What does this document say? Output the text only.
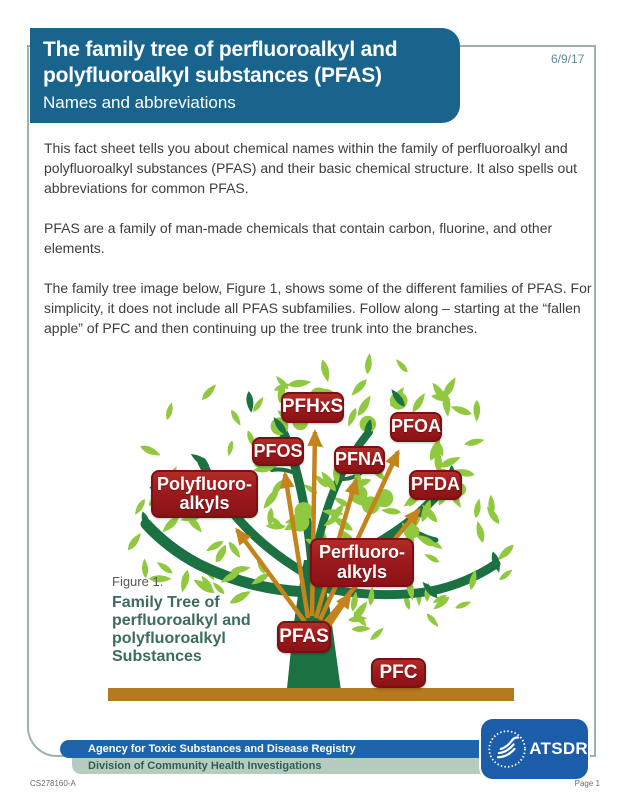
The family tree of perfluoroalkyl and polyfluoroalkyl substances (PFAS)
Names and abbreviations
6/9/17

This fact sheet tells you about chemical names within the family of perfluoroalkyl and polyfluoroalkyl substances (PFAS) and their basic chemical structure. It also spells out abbreviations for common PFAS.

PFAS are a family of man-made chemicals that contain carbon, fluorine, and other elements.

The family tree image below, Figure 1, shows some of the different families of PFAS. For simplicity, it does not include all PFAS subfamilies. Follow along – starting at the “fallen apple” of PFC and then continuing up the tree trunk into the branches.

PFHxS
PFOS
PFOA
PFNA
PFDA
Polyfluoro-
alkyls
Perfluoro-
alkyls
PFAS
PFC
Figure 1.
Family Tree of
perfluoroalkyl and
polyfluoroalkyl
Substances
Agency for Toxic Substances and Disease Registry
Division of Community Health Investigations
ATSDR
CS278160-A	Page 1
